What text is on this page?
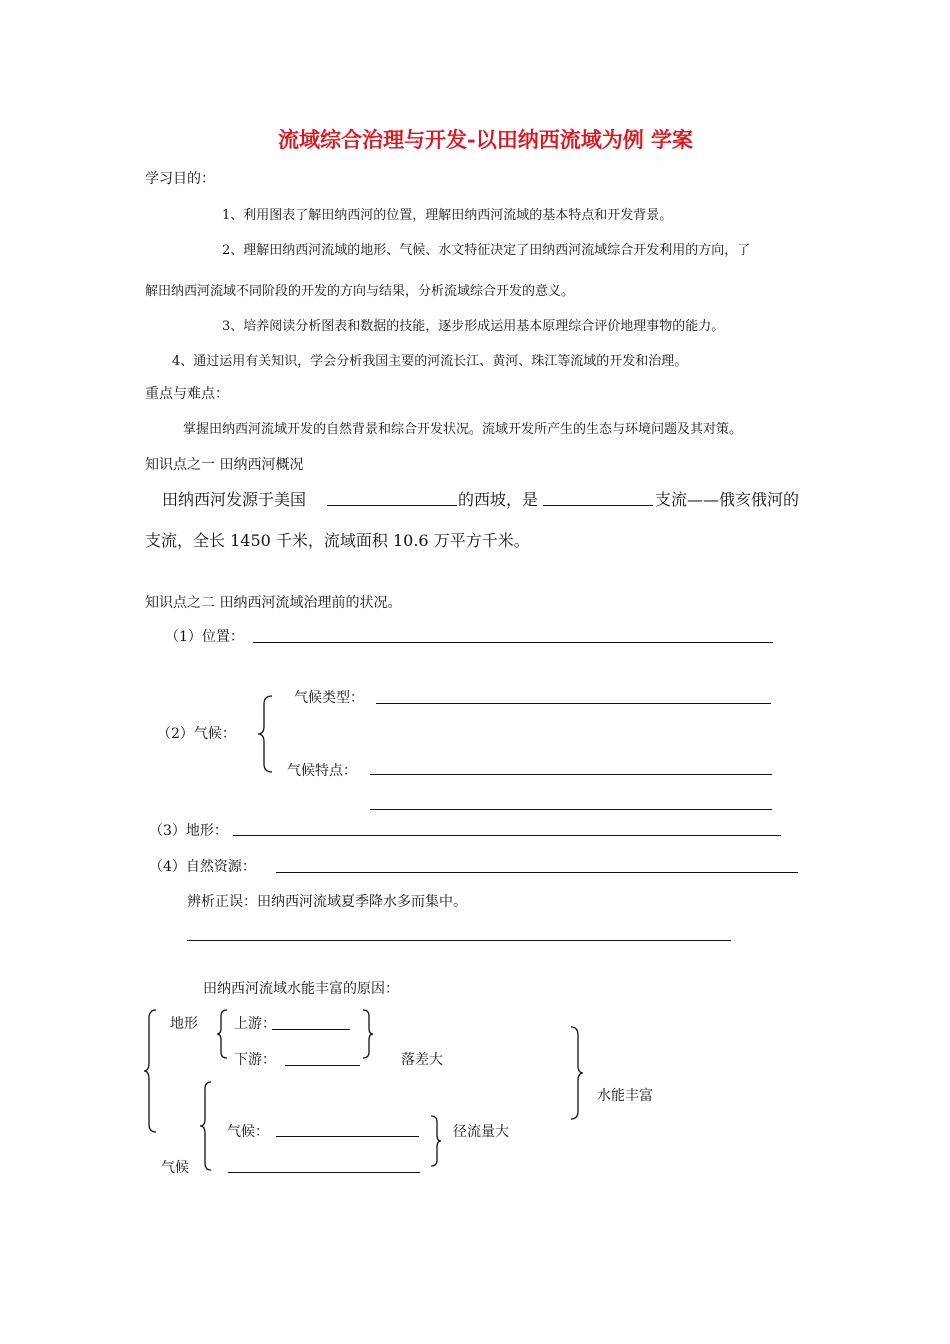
流域综合治理与开发-以田纳西流域为例 学案
学习目的：
1、利用图表了解田纳西河的位置，理解田纳西河流域的基本特点和开发背景。
2、理解田纳西河流域的地形、气候、水文特征决定了田纳西河流域综合开发利用的方向，了
解田纳西河流域不同阶段的开发的方向与结果，分析流域综合开发的意义。
3、培养阅读分析图表和数据的技能，逐步形成运用基本原理综合评价地理事物的能力。
4、通过运用有关知识，学会分析我国主要的河流长江、黄河、珠江等流域的开发和治理。
重点与难点：
掌握田纳西河流域开发的自然背景和综合开发状况。流域开发所产生的生态与环境问题及其对策。
知识点之一 田纳西河概况
田纳西河发源于美国	的西坡，是	支流——俄亥俄河的
支流，全长 1450 千米，流域面积 10.6 万平方千米。
知识点之二 田纳西河流域治理前的状况。
（1）位置：
（2）气候：
气候类型：
气候特点：
（3）地形：
（4）自然资源：
辨析正误：田纳西河流域夏季降水多而集中。
田纳西河流域水能丰富的原因：
地形	上游：
下游：	落差大
水能丰富
气候：	径流量大
气候
